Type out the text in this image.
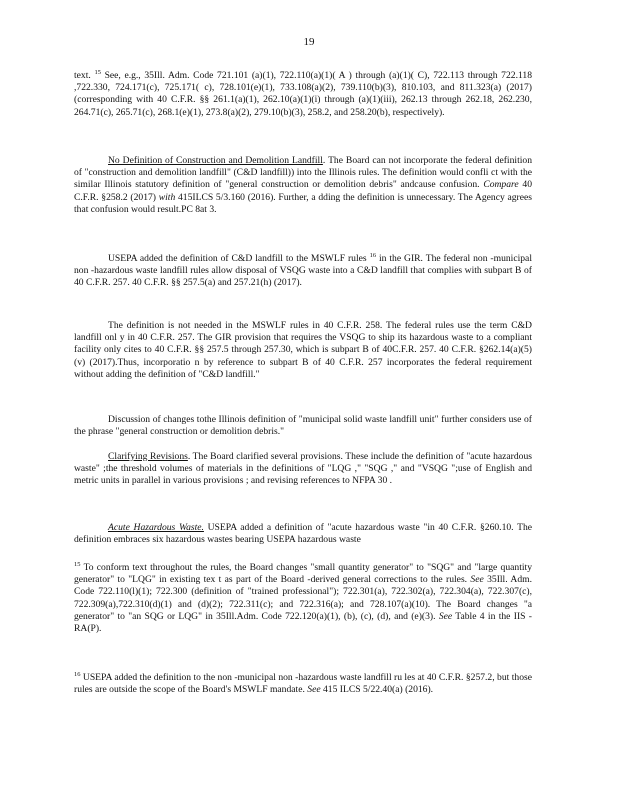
19

text. $^{15}$ See, e.g., 35Ill. Adm. Code 721.101 (a)(1), 722.110(a)(1)( A ) through (a)(1)( C), 722.113 through 722.118 ,722.330, 724.171(c), 725.171( c), 728.101(e)(1), 733.108(a)(2), 739.110(b)(3), 810.103, and 811.323(a) (2017) (corresponding with 40 C.F.R. §§ 261.1(a)(1), 262.10(a)(1)(i) through (a)(1)(iii), 262.13 through 262.18, 262.230, 264.71(c), 265.71(c), 268.1(e)(1), 273.8(a)(2), 279.10(b)(3), 258.2, and 258.20(b), respectively).

No Definition of Construction and Demolition Landfill. The Board can not incorporate the federal definition of "construction and demolition landfill" (C&D landfill)) into the Illinois rules. The definition would confli ct with the similar Illinois statutory definition of "general construction or demolition debris" andcause confusion. Compare 40 C.F.R. §258.2 (2017) with 415ILCS 5/3.160 (2016). Further, a dding the definition is unnecessary. The Agency agrees that confusion would result.PC 8at 3.

USEPA added the definition of C&D landfill to the MSWLF rules $^{16}$ in the GIR. The federal non -municipal non -hazardous waste landfill rules allow disposal of VSQG waste into a C&D landfill that complies with subpart B of 40 C.F.R. 257. 40 C.F.R. §§ 257.5(a) and 257.21(h) (2017).

The definition is not needed in the MSWLF rules in 40 C.F.R. 258. The federal rules use the term C&D landfill onl y in 40 C.F.R. 257. The GIR provision that requires the VSQG to ship its hazardous waste to a compliant facility only cites to 40 C.F.R. §§ 257.5 through 257.30, which is subpart B of 40C.F.R. 257. 40 C.F.R. §262.14(a)(5)(v) (2017).Thus, incorporatio n by reference to subpart B of 40 C.F.R. 257 incorporates the federal requirement without adding the definition of "C&D landfill."

Discussion of changes tothe Illinois definition of "municipal solid waste landfill unit" further considers use of the phrase "general construction or demolition debris."

Clarifying Revisions. The Board clarified several provisions. These include the definition of "acute hazardous waste" ;the threshold volumes of materials in the definitions of "LQG ," "SQG ," and "VSQG ";use of English and metric units in parallel in various provisions ; and revising references to NFPA 30 .

Acute Hazardous Waste. USEPA added a definition of "acute hazardous waste "in 40 C.F.R. §260.10. The definition embraces six hazardous wastes bearing USEPA hazardous waste

$^{15}$ To conform text throughout the rules, the Board changes "small quantity generator" to "SQG" and "large quantity generator" to "LQG" in existing tex t as part of the Board -derived general corrections to the rules. See 35Ill. Adm. Code 722.110(l)(1); 722.300 (definition of "trained professional"); 722.301(a), 722.302(a), 722.304(a), 722.307(c), 722.309(a),722.310(d)(1) and (d)(2); 722.311(c); and 722.316(a); and 728.107(a)(10). The Board changes "a generator" to "an SQG or LQG" in 35Ill.Adm. Code 722.120(a)(1), (b), (c), (d), and (e)(3). See Table 4 in the IIS -RA(P).

$^{16}$ USEPA added the definition to the non -municipal non -hazardous waste landfill ru les at 40 C.F.R. §257.2, but those rules are outside the scope of the Board's MSWLF mandate. See 415 ILCS 5/22.40(a) (2016).
